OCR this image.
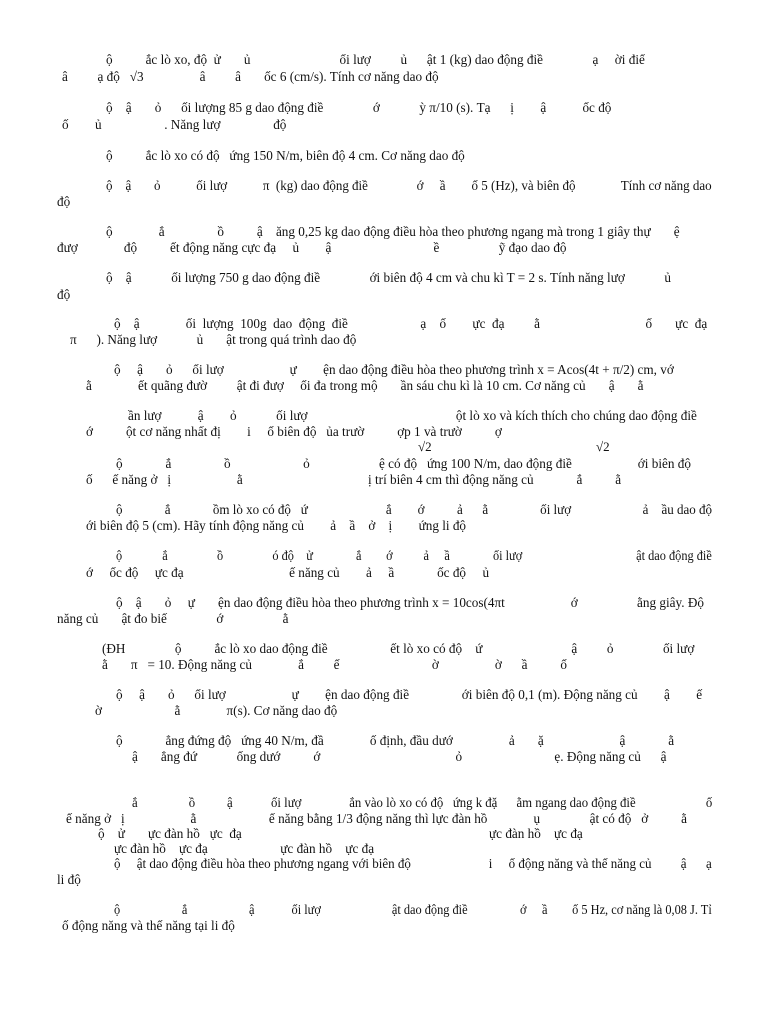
ộ          ắc lò xo, độ  ử       ủ                           ối lượ         ủ      ật 1 (kg) dao động điề               ạ     ời điể
â         ạ độ   √3                 â         â       ốc 6 (cm/s). Tính cơ năng dao độ
ộ    ậ       ỏ      ối lượng 85 g dao động điề               ớ            ỳ π/10 (s). Tạ      ị        ậ           ốc độ
ố        ủ                   . Năng lượ                độ
ộ          ắc lò xo có độ   ứng 150 N/m, biên độ 4 cm. Cơ năng dao độ
ộ    ậ       ỏ           ối lượ           π  (kg) dao động điề               ớ     ầ        ố 5 (Hz), và biên độ              Tính cơ năng dao
độ
ộ              ắ                ồ          ậ    ăng 0,25 kg dao động điều hòa theo phương ngang mà trong 1 giây thự       ệ
đượ              độ          ết động năng cực đạ     ủ        ậ                               ề                  ỹ đạo dao độ
ộ    ậ            ối lượng 750 g dao động điề               ới biên độ 4 cm và chu kì T = 2 s. Tính năng lượ            ủ
độ
ộ    ậ              ối  lượng  100g  dao  động  điề                      ạ    ố        ực  đạ         ằ                                ố       ực  đạ
π      ). Năng lượ            ủ       ật trong quá trình dao độ
ộ     ậ       ỏ      ối lượ                    ự        ện dao động điều hòa theo phương trình x = Acos(4t + π/2) cm, vớ
ằ              ết quãng đườ         ật đi đượ     ối đa trong mộ       ần sáu chu kì là 10 cm. Cơ năng củ       ậ       ằ
ần lượ           ậ        ỏ            ối lượ                                             ột lò xo và kích thích cho chúng dao động điề
ớ          ột cơ năng nhất đị        i     ố biên độ   ủa trườ          ợp 1 và trườ          ợ
√2	√2
ộ             ắ                ồ                      ỏ                     ệ có độ   ứng 100 N/m, dao động điề                    ới biên độ
ố      ế năng ở   ị                    ằ                                      ị trí biên 4 cm thì động năng củ             ắ          ằ
ộ             ắ             ồm lò xo có độ   ứ                        ắ        ớ          ả      ằ                ối lượ                      ả    ầu dao độ
ới biên độ 5 (cm). Hãy tính động năng củ        ả    ầ    ở    ị        ứng li độ
ộ             ắ                ồ                ó độ    ử              ắ        ớ          ả     ầ              ối lượ                                     ật dao động điề
ớ     ốc độ     ực đạ                                ế năng củ        ả     ầ             ốc độ     ủ
ộ    ậ       ỏ     ự       ện dao động điều hòa theo phương trình x = 10cos(4πt                    ớ                  ằng giây. Độ
năng củ       ật đo biế               ớ                  ằ
(ĐH               ộ          ắc lò xo dao động điề                   ết lò xo có độ    ứ                           ậ         ỏ               ối lượ
ằ       π   = 10. Động năng củ              ắ         ế                            ờ                 ờ      ầ          ố
ộ     ậ       ỏ      ối lượ                    ự        ện dao động điề                ới biên độ 0,1 (m). Động năng củ        ậ        ế
ờ                      ằ              π(s). Cơ năng dao độ
ộ             ẳng đứng độ   ứng 40 N/m, đầ              ố định, đầu dướ                 ả       ặ                       ậ             ằ
ậ       ẳng đứ            ống dướ          ớ                                         ỏ                            ẹ. Động năng củ      ậ
ắ                ồ          ậ            ối lượ               ắn vào lò xo có độ   ứng k đặ      ằm ngang dao động điề                      ố
ế năng ở   ị                    ằ                      ế năng bằng 1/3 động năng thì lực đàn hồ              ụ               ật có độ   ở          ằ
ộ    ử       ực đàn hồ   ực  đạ                                                                           ực đàn hồ    ực đạ
ực đàn hồ    ực đạ                      ực đàn hồ    ực đạ
ộ     ật dao động điều hòa theo phương ngang với biên độ                        i     ố động năng và thế năng củ         ậ      ạ
li độ
ộ                    ắ                    ậ            ối lượ                       ật dao động điề                 ớ     ầ        ố 5 Hz, cơ năng là 0,08 J. Tỉ
ố động năng và thế năng tại li độ
